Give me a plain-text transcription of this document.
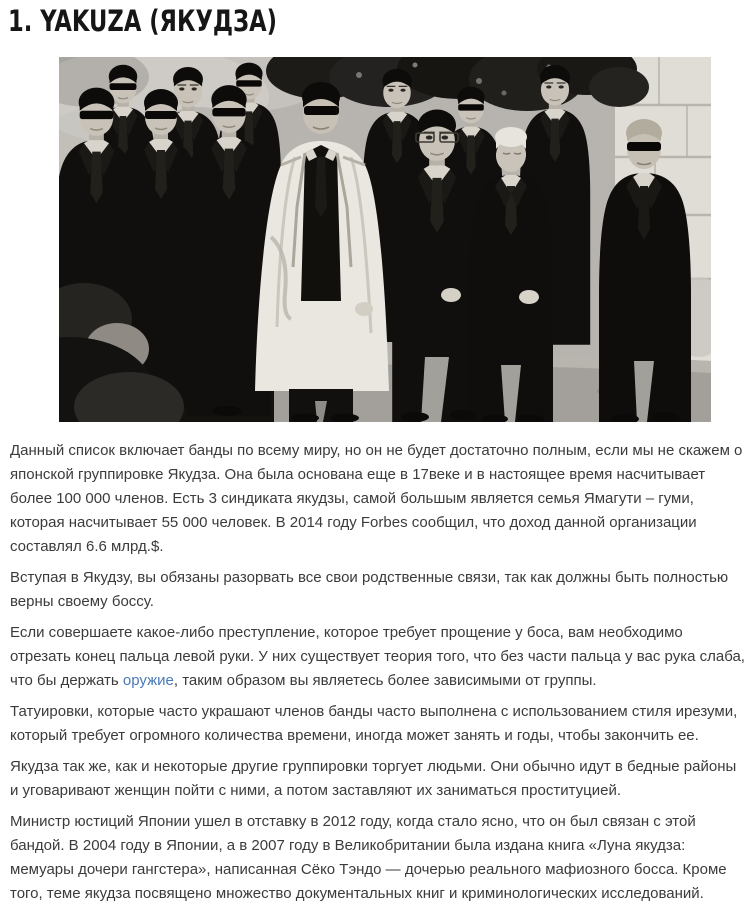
1. YAKUZA (ЯКУДЗА)

Данный список включает банды по всему миру, но он не будет достаточно полным, если мы не скажем о японской группировке Якудза. Она была основана еще в 17веке и в настоящее время насчитывает более 100 000 членов. Есть 3 синдиката якудзы, самой большым является семья Ямагути – гуми, которая насчитывает 55 000 человек. В 2014 году Forbes сообщил, что доход данной организации составлял 6.6 млрд.$.

Вступая в Якудзу, вы обязаны разорвать все свои родственные связи, так как должны быть полностью верны своему боссу.

Если совершаете какое-либо преступление, которое требует прощение у боса, вам необходимо отрезать конец пальца левой руки. У них существует теория того, что без части пальца у вас рука слаба, что бы держать оружие, таким образом вы являетесь более зависимыми от группы.

Татуировки, которые часто украшают членов банды часто выполнена с использованием стиля ирезуми, который требует огромного количества времени, иногда может занять и годы, чтобы закончить ее.

Якудза так же, как и некоторые другие группировки торгует людьми. Они обычно идут в бедные районы и уговаривают женщин пойти с ними, а потом заставляют их заниматься проституцией.

Министр юстиций Японии ушел в отставку в 2012 году, когда стало ясно, что он был связан с этой бандой. В 2004 году в Японии, а в 2007 году в Великобритании была издана книга «Луна якудза: мемуары дочери гангстера», написанная Сёко Тэндо — дочерью реального мафиозного босса. Кроме того, теме якудза посвящено множество документальных книг и криминологических исследований.
